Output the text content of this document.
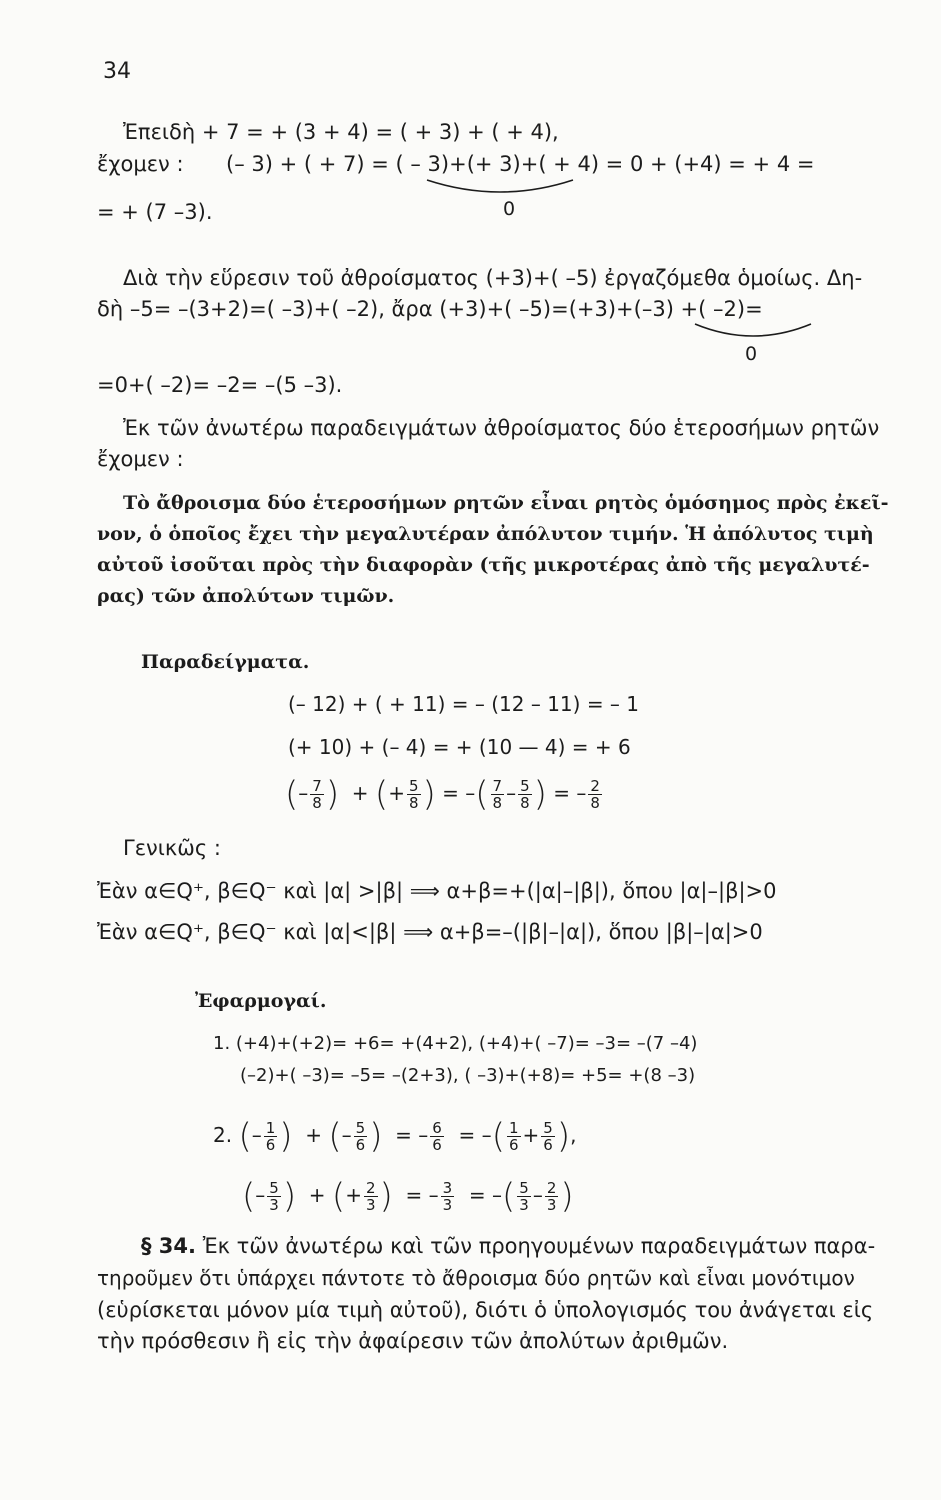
34
Ἐπειδὴ + 7 = + (3 + 4) = ( + 3) + ( + 4),
ἔχομεν : (– 3) + ( + 7) = ( – 3)+(+ 3)+( + 4) = 0 + (+4) = + 4 =
0
= + (7 –3).
Διὰ τὴν εὕρεσιν τοῦ ἀθροίσματος (+3)+( –5) ἐργαζόμεθα ὁμοίως. Δη-
δὴ –5= –(3+2)=( –3)+( –2), ἄρα (+3)+( –5)=(+3)+(–3) +( –2)=
0
=0+( –2)= –2= –(5 –3).
Ἐκ τῶν ἀνωτέρω παραδειγμάτων ἀθροίσματος δύο ἑτεροσήμων ρητῶν
ἔχομεν :
Τὸ ἄθροισμα δύο ἑτεροσήμων ρητῶν εἶναι ρητὸς ὁμόσημος πρὸς ἐκεῖ-
νον, ὁ ὁποῖος ἔχει τὴν μεγαλυτέραν ἀπόλυτον τιμήν. Ἡ ἀπόλυτος τιμὴ
αὐτοῦ ἰσοῦται πρὸς τὴν διαφορὰν (τῆς μικροτέρας ἀπὸ τῆς μεγαλυτέ-
ρας) τῶν ἀπολύτων τιμῶν.
Παραδείγματα.
(– 12) + ( + 11) = – (12 – 11) = – 1
(+ 10) + (– 4) = + (10 — 4) = + 6
(– $\frac{7}{8}$ )  + (+ $\frac{5}{8}$ ) = –( $\frac{7}{8} - \frac{5}{8}$ ) = – $\frac{2}{8}$
Γενικῶς :
Ἐὰν α∈Q⁺, β∈Q⁻ καὶ |α| >|β| ⟹ α+β=+(|α|–|β|), ὅπου |α|–|β|>0
Ἐὰν α∈Q⁺, β∈Q⁻ καὶ |α|<|β| ⟹ α+β=–(|β|–|α|), ὅπου |β|–|α|>0
Ἐφαρμογαί.
1. (+4)+(+2)= +6= +(4+2), (+4)+( –7)= –3= –(7 –4)
(–2)+( –3)= –5= –(2+3), ( –3)+(+8)= +5= +(8 –3)
2. (– $\frac{1}{6}$ )  + (– $\frac{5}{6}$ )  = – $\frac{6}{6}$ = –( $\frac{1}{6} + \frac{5}{6}$ ),
(– $\frac{5}{3}$ )  + (+ $\frac{2}{3}$ )  = – $\frac{3}{3}$ = –( $\frac{5}{3} - \frac{2}{3}$ )
§ 34. Ἐκ τῶν ἀνωτέρω καὶ τῶν προηγουμένων παραδειγμάτων παρα-
τηροῦμεν ὅτι ὑπάρχει πάντοτε τὸ ἄθροισμα δύο ρητῶν καὶ εἶναι μονότιμον
(εὑρίσκεται μόνον μία τιμὴ αὐτοῦ), διότι ὁ ὑπολογισμός του ἀνάγεται εἰς
τὴν πρόσθεσιν ἢ εἰς τὴν ἀφαίρεσιν τῶν ἀπολύτων ἀριθμῶν.
